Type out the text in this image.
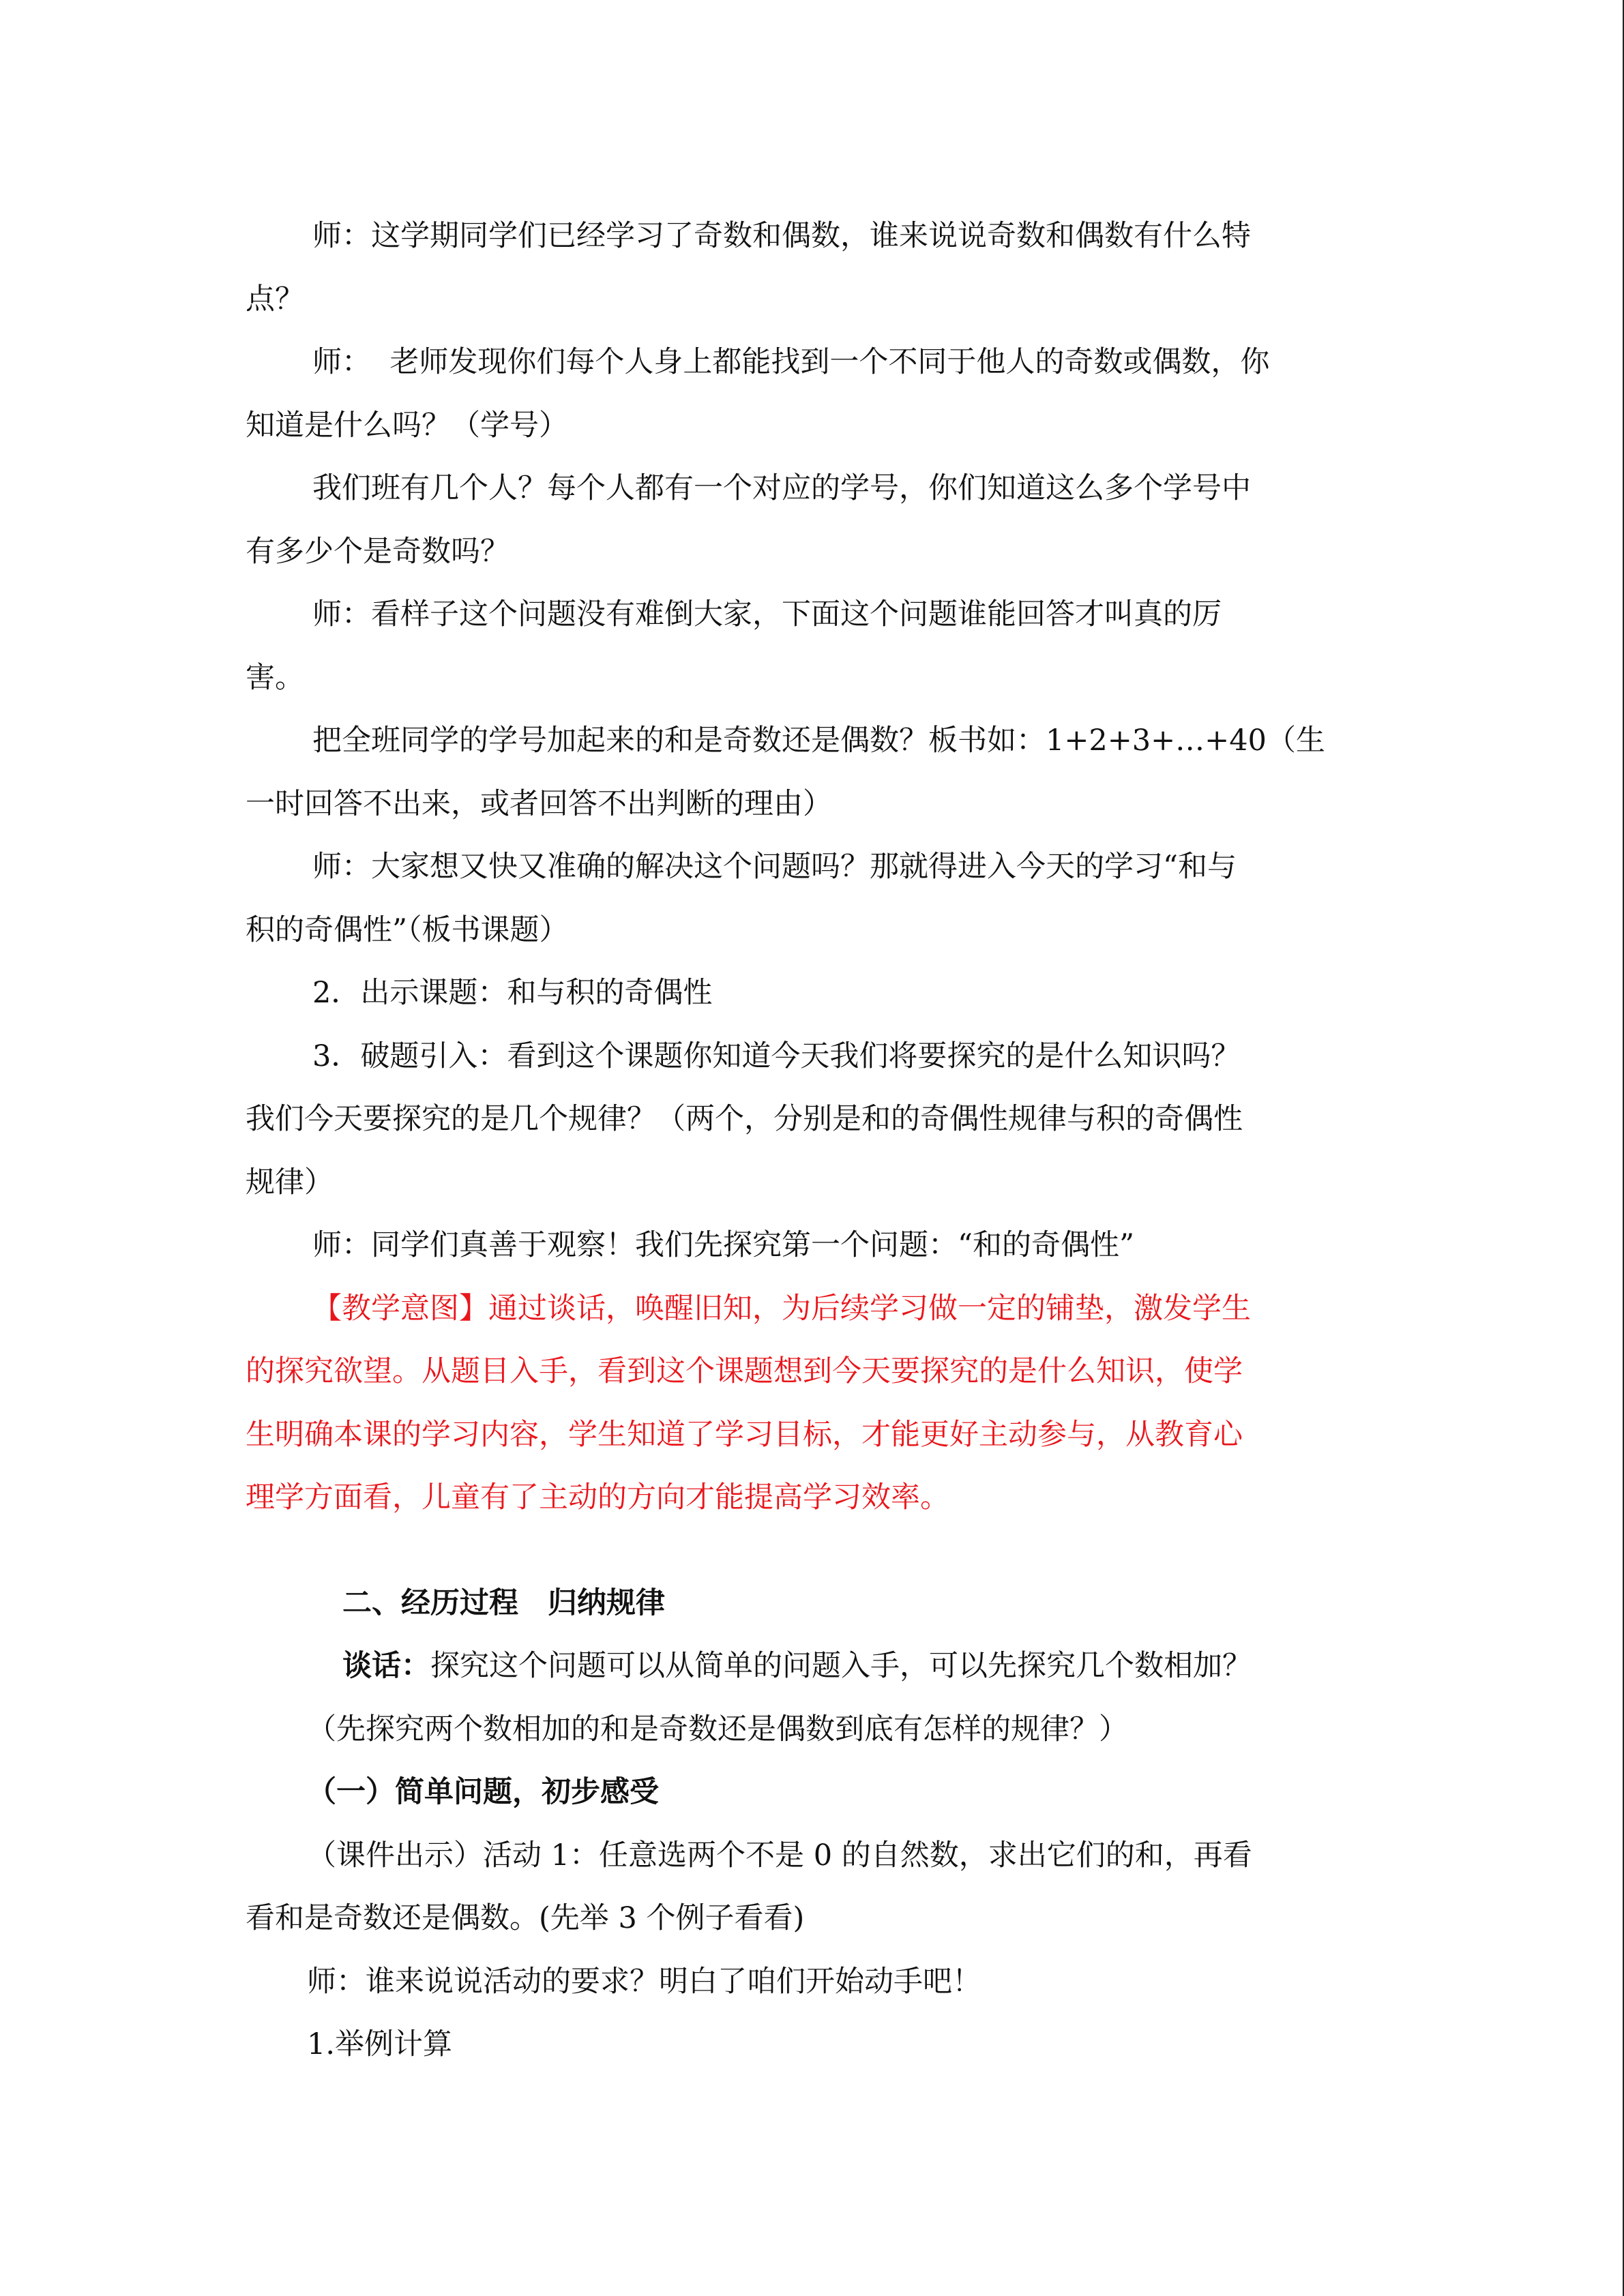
师：这学期同学们已经学习了奇数和偶数，谁来说说奇数和偶数有什么特
点？
师：  老师发现你们每个人身上都能找到一个不同于他人的奇数或偶数，你
知道是什么吗？（学号）
我们班有几个人？每个人都有一个对应的学号，你们知道这么多个学号中
有多少个是奇数吗？
师：看样子这个问题没有难倒大家，下面这个问题谁能回答才叫真的厉
害。
把全班同学的学号加起来的和是奇数还是偶数？板书如：1+2+3+…+40（生
一时回答不出来，或者回答不出判断的理由）
师：大家想又快又准确的解决这个问题吗？那就得进入今天的学习“和与
积的奇偶性”（板书课题）
2．出示课题：和与积的奇偶性
3．破题引入：看到这个课题你知道今天我们将要探究的是什么知识吗？
我们今天要探究的是几个规律？（两个，分别是和的奇偶性规律与积的奇偶性
规律）
师：同学们真善于观察！我们先探究第一个问题：“和的奇偶性”
【教学意图】通过谈话，唤醒旧知，为后续学习做一定的铺垫，激发学生
的探究欲望。从题目入手，看到这个课题想到今天要探究的是什么知识，使学
生明确本课的学习内容，学生知道了学习目标，才能更好主动参与，从教育心
理学方面看，儿童有了主动的方向才能提高学习效率。
二、经历过程　归纳规律
谈话：探究这个问题可以从简单的问题入手，可以先探究几个数相加？
（先探究两个数相加的和是奇数还是偶数到底有怎样的规律？）
（一）简单问题，初步感受
（课件出示）活动 1：任意选两个不是 0 的自然数，求出它们的和，再看
看和是奇数还是偶数。(先举 3 个例子看看)
师：谁来说说活动的要求？明白了咱们开始动手吧！
1.举例计算
